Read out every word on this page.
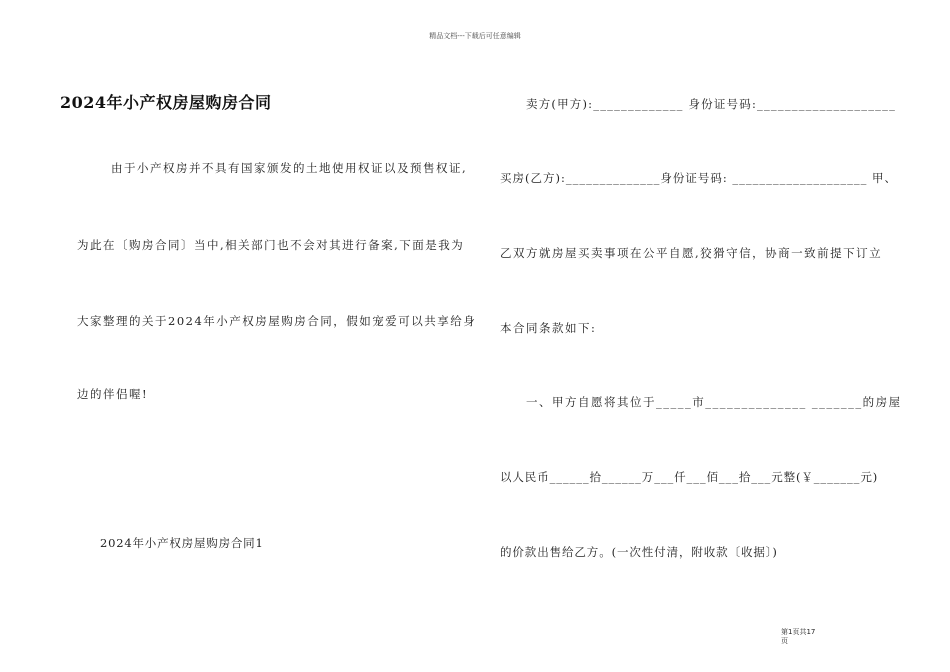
精品文档---下载后可任意编辑
2024年小产权房屋购房合同
由于小产权房并不具有国家颁发的土地使用权证以及预售权证,
为此在〔购房合同〕当中,相关部门也不会对其进行备案,下面是我为
大家整理的关于2024年小产权房屋购房合同，假如宠爱可以共享给身
边的伴侣喔!
2024年小产权房屋购房合同1
卖方(甲方):_____________ 身份证号码:____________________
买房(乙方):______________身份证号码: ____________________ 甲、
乙双方就房屋买卖事项在公平自愿,狡猾守信，协商一致前提下订立
本合同条款如下:
一、甲方自愿将其位于_____市______________ _______的房屋
以人民币______拾______万___仟___佰___拾___元整(￥_______元)
的价款出售给乙方。(一次性付清，附收款〔收据〕)
第1页共17
页
